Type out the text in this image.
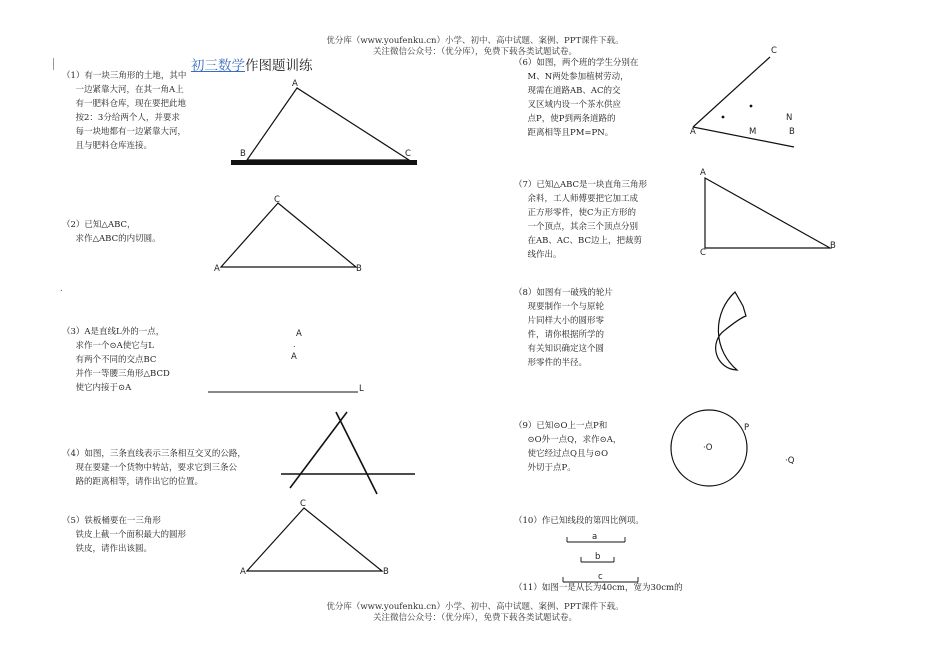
优分库（www.youfenku.cn）小学、初中、高中试题、案例、PPT课件下载。
关注微信公众号：（优分库），免费下载各类试题试卷。
优分库（www.youfenku.cn）小学、初中、高中试题、案例、PPT课件下载。
关注微信公众号：（优分库），免费下载各类试题试卷。
初三数学作图题训练
（1）有一块三角形的土地，其中
一边紧靠大河，在其一角A上
有一肥料仓库，现在要把此地
按2：3分给两个人，并要求
每一块地都有一边紧靠大河，
且与肥料仓库连接。
（2）已知△ABC，
求作△ABC的内切圆。
.
（3）A是直线L外的一点，
求作一个⊙A使它与L
有两个不同的交点BC
并作一等腰三角形△BCD
使它内接于⊙A
（4）如图，三条直线表示三条相互交叉的公路，
现在要建一个货物中转站，要求它到三条公
路的距离相等，请作出它的位置。
（5）铁板桶要在一三角形
铁皮上截一个面积最大的圆形
铁皮，请作出该圆。
（6）如图，两个班的学生分别在
M、N两处参加植树劳动，
现需在道路AB、AC的交
叉区域内设一个茶水供应
点P，使P到两条道路的
距离相等且PM=PN。
（7）已知△ABC是一块直角三角形
余料，工人师傅要把它加工成
正方形零件，使C为正方形的
一个顶点，其余三个顶点分别
在AB、AC、BC边上，把裁剪
线作出。
（8）如图有一破残的轮片
现要制作一个与原轮
片同样大小的圆形零
件，请你根据所学的
有关知识确定这个圆
形零件的半径。
（9）已知⊙O上一点P和
⊙O外一点Q，求作⊙A，
使它经过点Q且与⊙O
外切于点P。
（10）作已知线段的第四比例项。
（11）如图一是从长为40cm，宽为30cm的
A
B	C
C
A	B
A
.
A
L
C
A	B
C
N
A	M	B
A
C
B
·O
P
·Q
a
b
c
